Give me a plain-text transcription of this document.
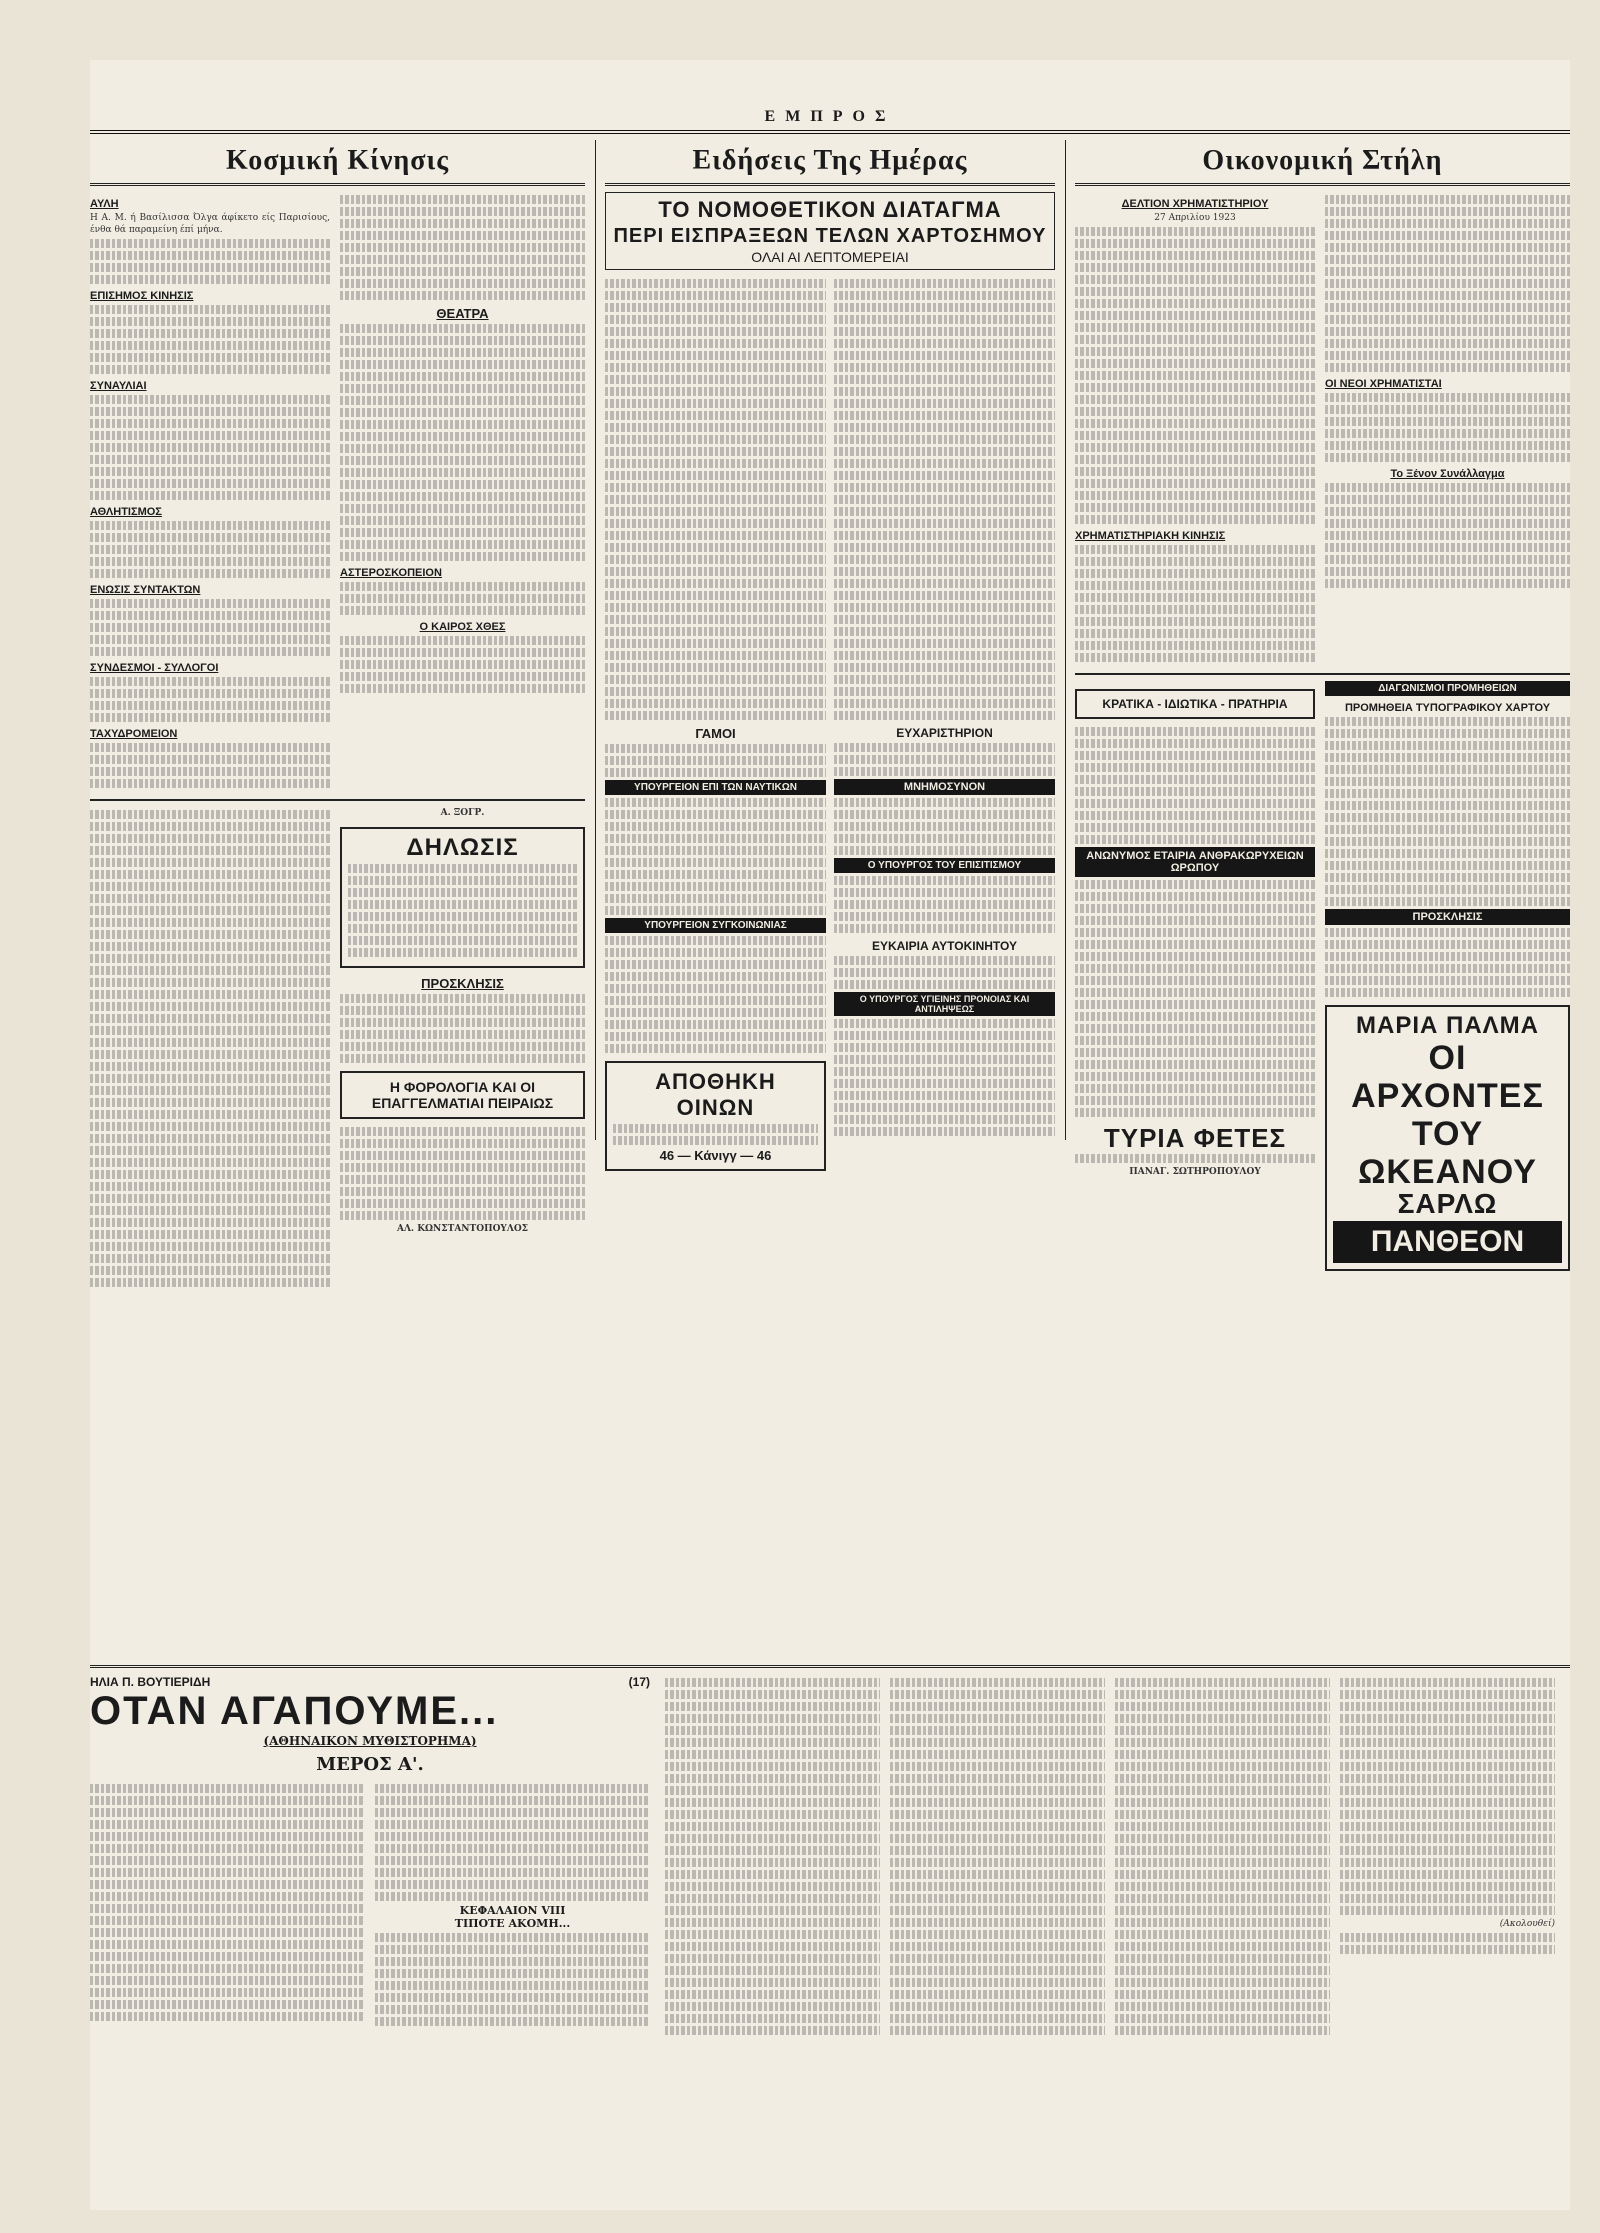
ΕΜΠΡΟΣ
Κοσμική Κίνησις
ΑΥΛΗ
Η Α. Μ. ή Βασίλισσα Όλγα άφίκετο είς Παρισίους, ένθα θά παραμείνη έπί μήνα.
ΕΠΙΣΗΜΟΣ ΚΙΝΗΣΙΣ
ΣΥΝΑΥΛΙΑΙ
ΑΘΛΗΤΙΣΜΟΣ
ΕΝΩΣΙΣ ΣΥΝΤΑΚΤΩΝ
ΣΥΝΔΕΣΜΟΙ - ΣΥΛΛΟΓΟΙ
ΤΑΧΥΔΡΟΜΕΙΟΝ
ΘΕΑΤΡΑ
ΑΣΤΕΡΟΣΚΟΠΕΙΟΝ
Ο ΚΑΙΡΟΣ ΧΘΕΣ
Α. ΞΟΓΡ.
ΔΗΛΩΣΙΣ
ΠΡΟΣΚΛΗΣΙΣ
Η ΦΟΡΟΛΟΓΙΑ ΚΑΙ ΟΙ ΕΠΑΓΓΕΛΜΑΤΙΑΙ ΠΕΙΡΑΙΩΣ
ΑΛ. ΚΩΝΣΤΑΝΤΟΠΟΥΛΟΣ
Ειδήσεις Της Ημέρας
ΤΟ ΝΟΜΟΘΕΤΙΚΟΝ ΔΙΑΤΑΓΜΑ
ΠΕΡΙ ΕΙΣΠΡΑΞΕΩΝ ΤΕΛΩΝ ΧΑΡΤΟΣΗΜΟΥ
ΟΛΑΙ ΑΙ ΛΕΠΤΟΜΕΡΕΙΑΙ
ΓΑΜΟΙ
ΥΠΟΥΡΓΕΙΟΝ ΕΠΙ ΤΩΝ ΝΑΥΤΙΚΩΝ
ΥΠΟΥΡΓΕΙΟΝ ΣΥΓΚΟΙΝΩΝΙΑΣ
ΑΠΟΘΗΚΗ ΟΙΝΩΝ
46 — Κάνιγγ — 46
ΕΥΧΑΡΙΣΤΗΡΙΟΝ
ΜΝΗΜΟΣΥΝΟΝ
Ο ΥΠΟΥΡΓΟΣ ΤΟΥ ΕΠΙΣΙΤΙΣΜΟΥ
ΕΥΚΑΙΡΙΑ ΑΥΤΟΚΙΝΗΤΟΥ
Ο ΥΠΟΥΡΓΟΣ ΥΓΙΕΙΝΗΣ ΠΡΟΝΟΙΑΣ ΚΑΙ ΑΝΤΙΛΗΨΕΩΣ
Οικονομική Στήλη
ΔΕΛΤΙΟΝ ΧΡΗΜΑΤΙΣΤΗΡΙΟΥ
27 Απριλίου 1923
ΧΡΗΜΑΤΙΣΤΗΡΙΑΚΗ ΚΙΝΗΣΙΣ
ΟΙ ΝΕΟΙ ΧΡΗΜΑΤΙΣΤΑΙ
Το Ξένον Συνάλλαγμα
ΚΡΑΤΙΚΑ - ΙΔΙΩΤΙΚΑ - ΠΡΑΤΗΡΙΑ
ΑΝΩΝΥΜΟΣ ΕΤΑΙΡΙΑ ΑΝΘΡΑΚΩΡΥΧΕΙΩΝ ΩΡΩΠΟΥ
ΤΥΡΙΑ ΦΕΤΕΣ
ΠΑΝΑΓ. ΣΩΤΗΡΟΠΟΥΛΟΥ
ΔΙΑΓΩΝΙΣΜΟΙ ΠΡΟΜΗΘΕΙΩΝ
ΠΡΟΜΗΘΕΙΑ ΤΥΠΟΓΡΑΦΙΚΟΥ ΧΑΡΤΟΥ
ΠΡΟΣΚΛΗΣΙΣ
ΜΑΡΙΑ ΠΑΛΜΑ
ΟΙ ΑΡΧΟΝΤΕΣ
ΤΟΥ ΩΚΕΑΝΟΥ
ΣΑΡΛΩ
ΠΑΝΘΕΟΝ
ΗΛΙΑ Π. ΒΟΥΤΙΕΡΙΔΗ	(17)
ΟΤΑΝ ΑΓΑΠΟΥΜΕ...
(ΑΘΗΝΑΙΚΟΝ ΜΥΘΙΣΤΟΡΗΜΑ)
ΜΕΡΟΣ Α'.
ΚΕΦΑΛΑΙΟΝ VIII
ΤΙΠΟΤΕ ΑΚΟΜΗ...	(Ακολουθεί)
